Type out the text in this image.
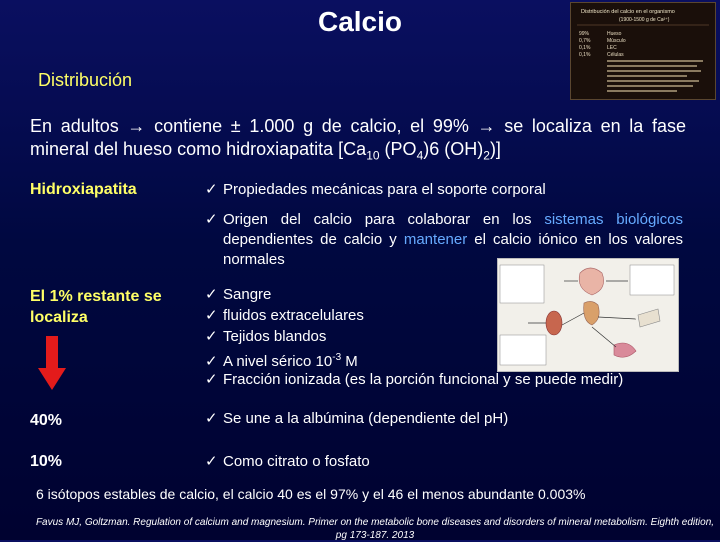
Calcio	Distribución del calcio en el organismo
(1900-1500 g de Ca²⁺)
99%	Hueso
0,7%	Músculo
0,1%	LEC
0,1%	Células
Distribución
En adultos → contiene ± 1.000 g de calcio, el 99% → se localiza en la fase mineral del hueso como hidroxiapatita [$Ca_{10}$ $(PO_4)6$ $(OH)_2$)]
Hidroxiapatita	✓ Propiedades mecánicas para el soporte corporal
✓ Origen del calcio para colaborar en los sistemas biológicos dependientes de calcio y mantener el calcio iónico en los valores normales
El 1% restante se localiza
✓ Sangre
✓ fluidos extracelulares
✓ Tejidos blandos
✓ A nivel sérico $10^{-3}$ M
✓ Fracción ionizada (es la porción funcional y se puede medir)
40%	✓ Se une a la albúmina (dependiente del pH)
10%	✓ Como citrato o fosfato
6 isótopos estables de calcio, el calcio 40 es el 97% y el 46 el menos abundante 0.003%
Favus MJ, Goltzman. Regulation of calcium and magnesium. Primer on the metabolic bone diseases and disorders of mineral metabolism. Eighth edition, pg 173-187. 2013
